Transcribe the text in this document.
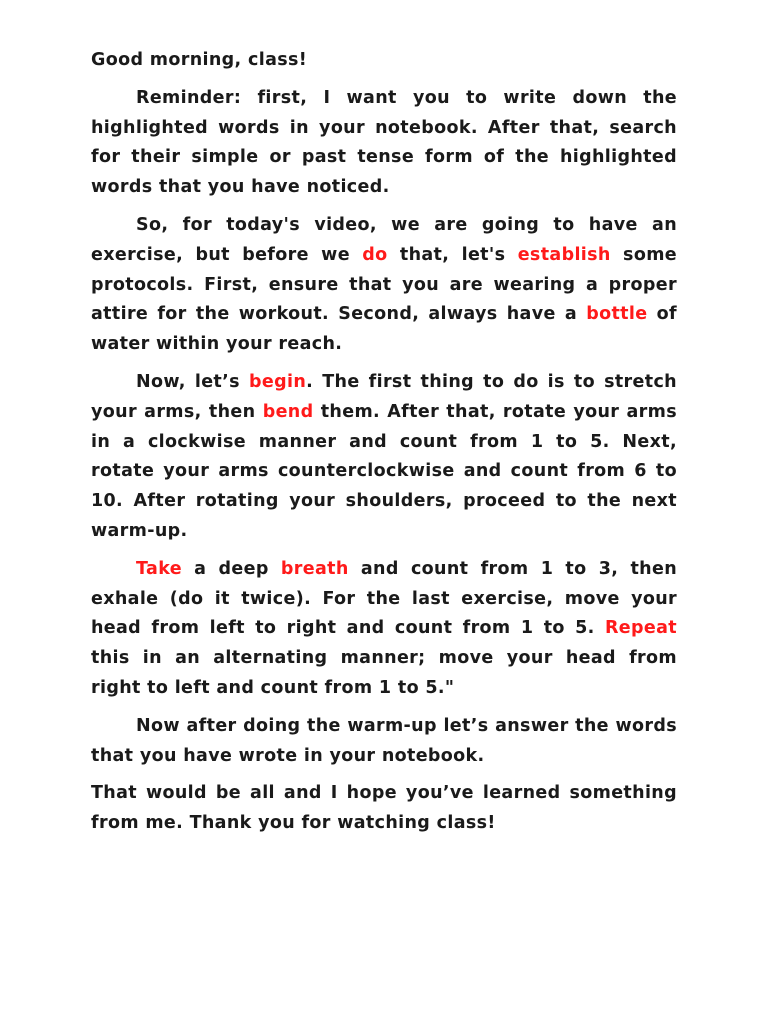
Good morning, class!

Reminder: first, I want you to write down the highlighted words in your notebook. After that, search for their simple or past tense form of the highlighted words that you have noticed.

So, for today's video, we are going to have an exercise, but before we do that, let's establish some protocols. First, ensure that you are wearing a proper attire for the workout. Second, always have a bottle of water within your reach.

Now, let’s begin. The first thing to do is to stretch your arms, then bend them. After that, rotate your arms in a clockwise manner and count from 1 to 5. Next, rotate your arms counterclockwise and count from 6 to 10. After rotating your shoulders, proceed to the next warm-up.

Take a deep breath and count from 1 to 3, then exhale (do it twice). For the last exercise, move your head from left to right and count from 1 to 5. Repeat this in an alternating manner; move your head from right to left and count from 1 to 5."

Now after doing the warm-up let’s answer the words that you have wrote in your notebook.

That would be all and I hope you’ve learned something from me. Thank you for watching class!
